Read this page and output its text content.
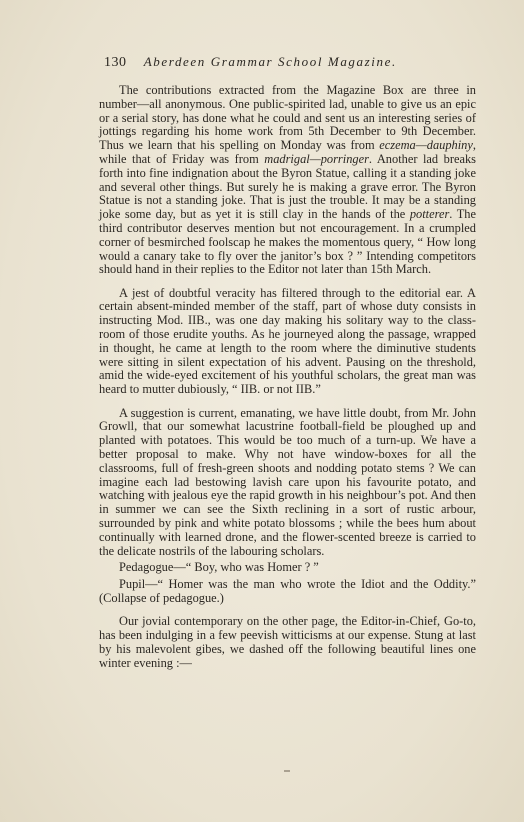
130 Aberdeen Grammar School Magazine.

The contributions extracted from the Magazine Box are three in number—all anonymous. One public-spirited lad, unable to give us an epic or a serial story, has done what he could and sent us an interesting series of jottings regarding his home work from 5th December to 9th December. Thus we learn that his spelling on Monday was from eczema—dauphiny, while that of Friday was from madrigal—porringer. Another lad breaks forth into fine indignation about the Byron Statue, calling it a standing joke and several other things. But surely he is making a grave error. The Byron Statue is not a standing joke. That is just the trouble. It may be a standing joke some day, but as yet it is still clay in the hands of the potterer. The third contributor deserves mention but not encouragement. In a crumpled corner of besmirched foolscap he makes the momentous query, “ How long would a canary take to fly over the janitor’s box ? ” Intending competitors should hand in their replies to the Editor not later than 15th March.

A jest of doubtful veracity has filtered through to the editorial ear. A certain absent-minded member of the staff, part of whose duty consists in instructing Mod. IIB., was one day making his solitary way to the class-room of those erudite youths. As he journeyed along the passage, wrapped in thought, he came at length to the room where the diminutive students were sitting in silent expectation of his advent. Pausing on the threshold, amid the wide-eyed excitement of his youthful scholars, the great man was heard to mutter dubiously, “ IIB. or not IIB.”

A suggestion is current, emanating, we have little doubt, from Mr. John Growll, that our somewhat lacustrine football-field be ploughed up and planted with potatoes. This would be too much of a turn-up. We have a better proposal to make. Why not have window-boxes for all the classrooms, full of fresh-green shoots and nodding potato stems ? We can imagine each lad bestowing lavish care upon his favourite potato, and watching with jealous eye the rapid growth in his neighbour’s pot. And then in summer we can see the Sixth reclining in a sort of rustic arbour, surrounded by pink and white potato blossoms ; while the bees hum about continually with learned drone, and the flower-scented breeze is carried to the delicate nostrils of the labouring scholars.

Pedagogue—“ Boy, who was Homer ? ”

Pupil—“ Homer was the man who wrote the Idiot and the Oddity.” (Collapse of pedagogue.)

Our jovial contemporary on the other page, the Editor-in-Chief, Go-to, has been indulging in a few peevish witticisms at our expense. Stung at last by his malevolent gibes, we dashed off the following beautiful lines one winter evening :—
